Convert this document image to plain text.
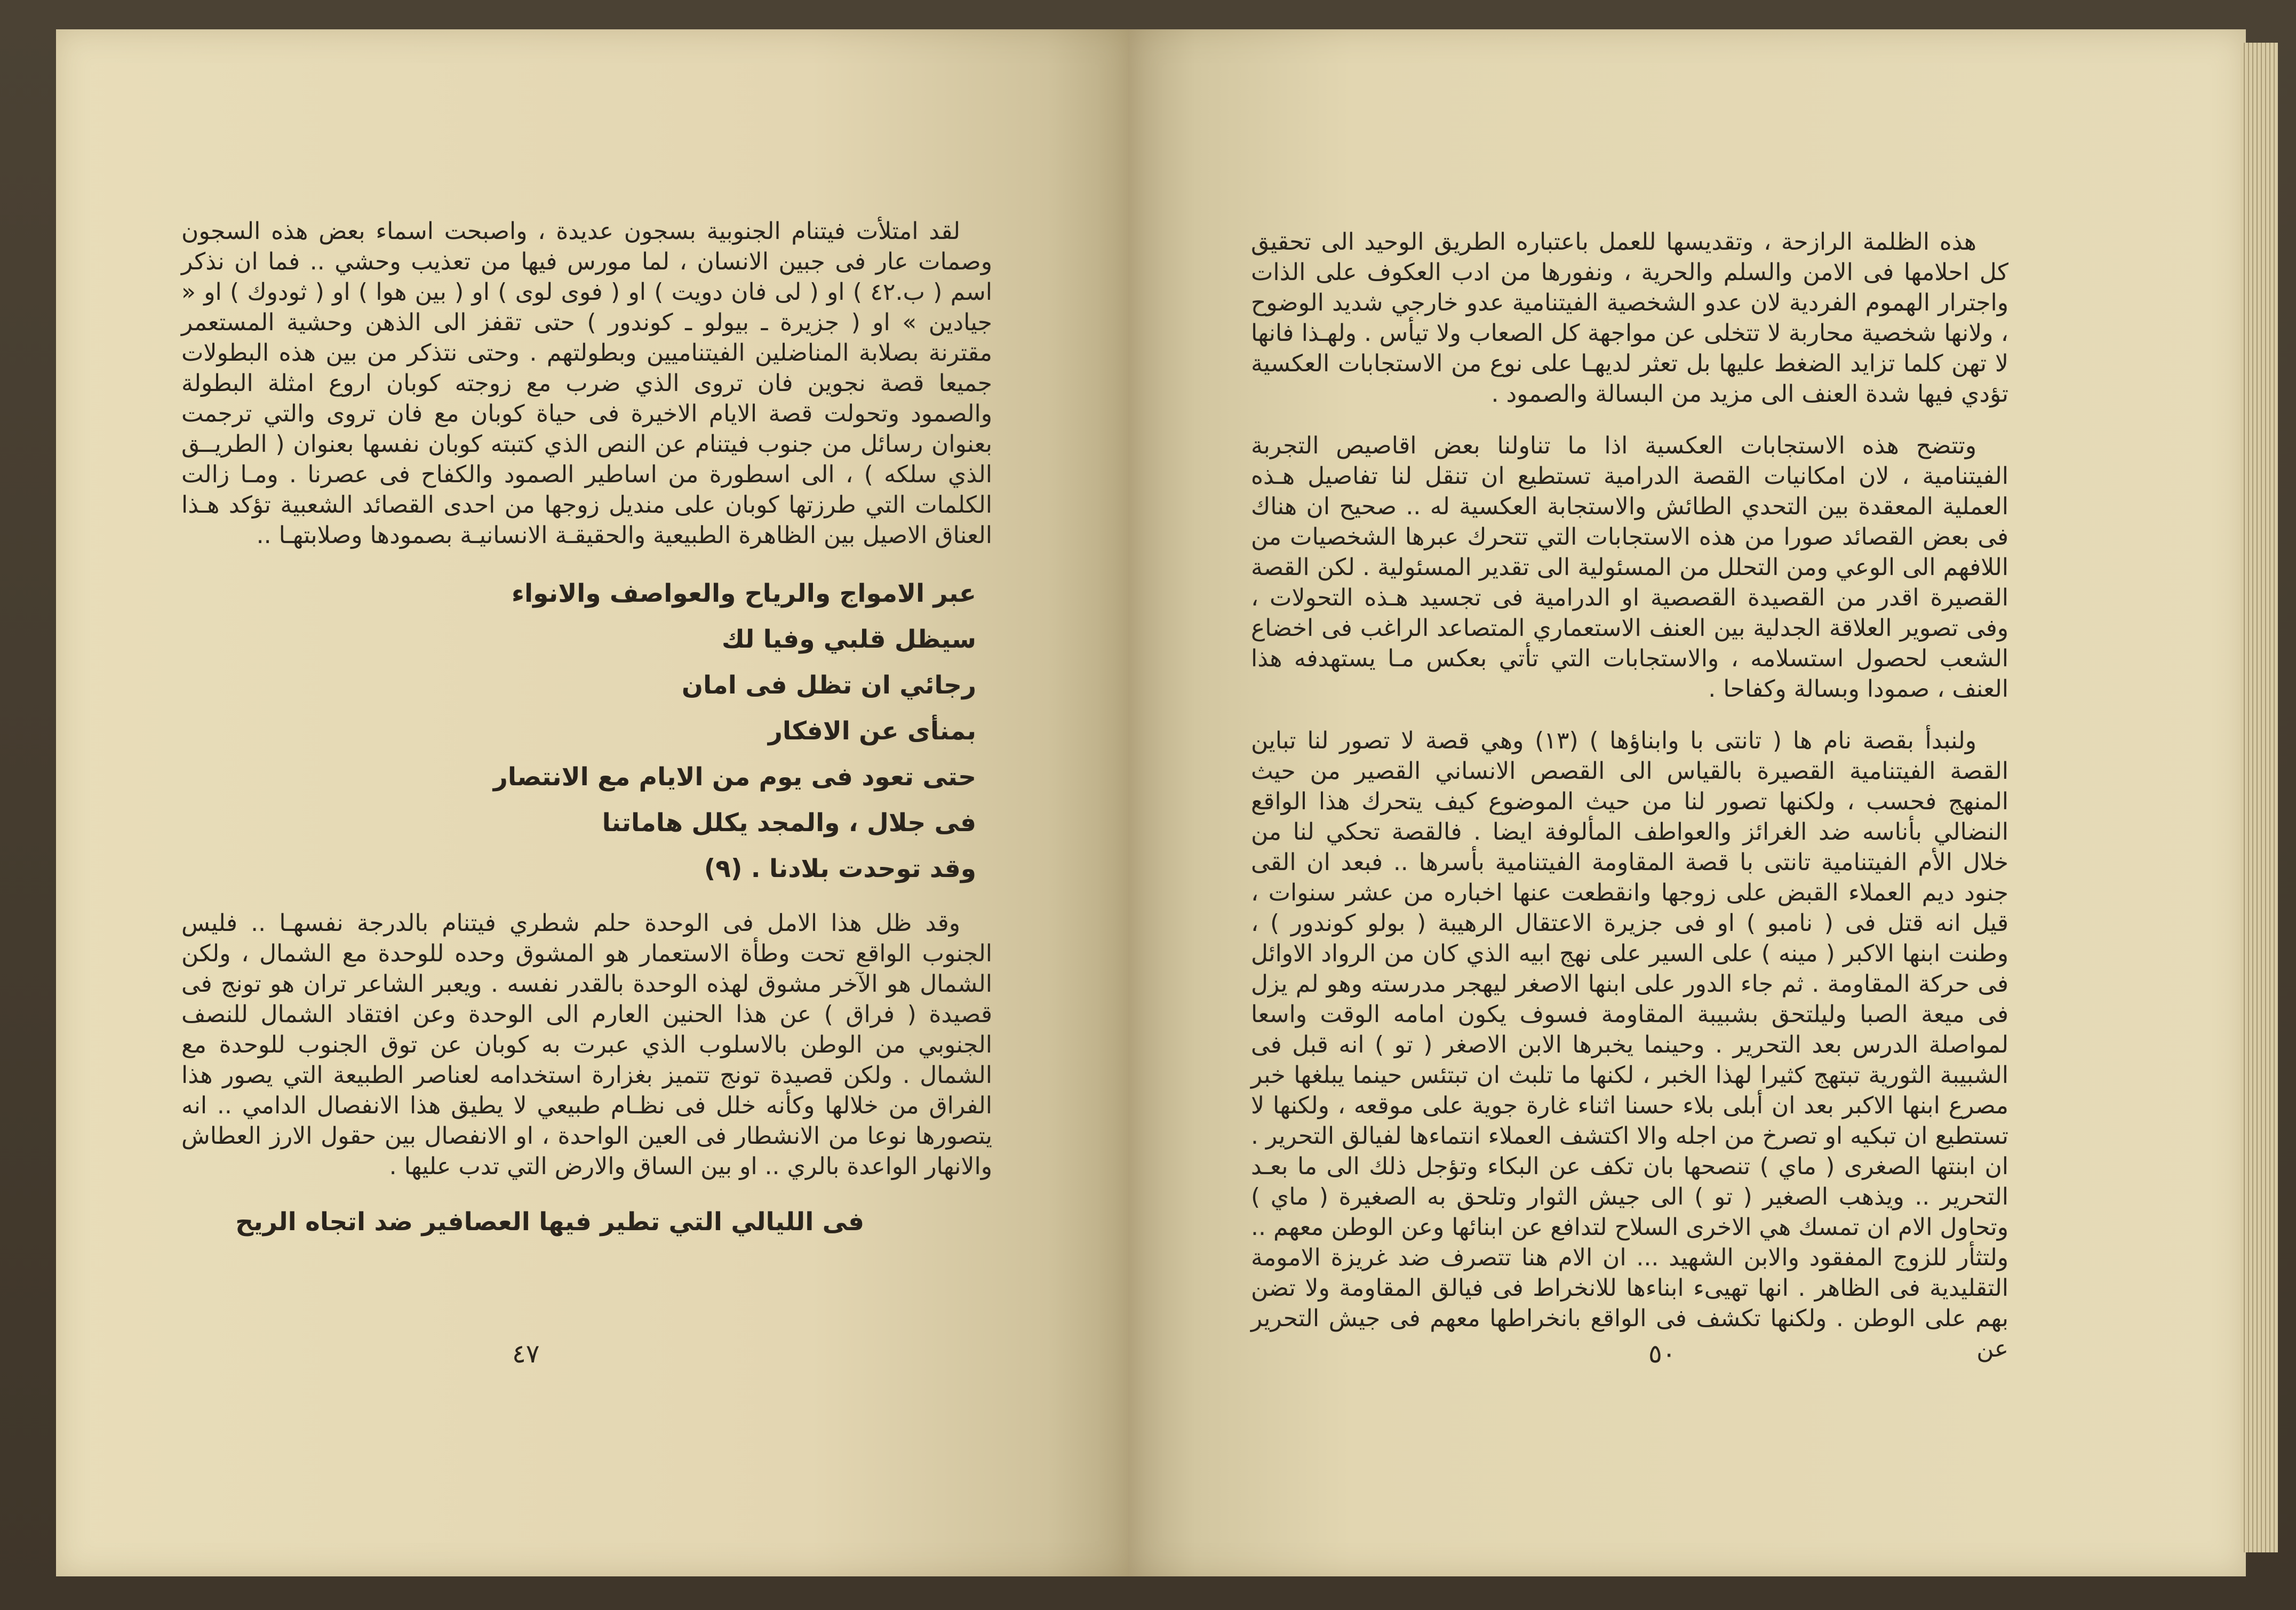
لقد امتلأت فيتنام الجنوبية بسجون عديدة ، واصبحت اسماء بعض هذه السجون وصمات عار فى جبين الانسان ، لما مورس فيها من تعذيب وحشي .. فما ان نذكر اسم ( ب.٤٢ ) او ( لى فان دويت ) او ( فوى لوى ) او ( بين هوا ) او ( ثودوك ) او « جيادين » او ( جزيرة ـ بيولو ـ كوندور ) حتى تقفز الى الذهن وحشية المستعمر مقترنة بصلابة المناضلين الفيتناميين وبطولتهم . وحتى نتذكر من بين هذه البطولات جميعا قصة نجوين فان تروى الذي ضرب مع زوجته كوبان اروع امثلة البطولة والصمود وتحولت قصة الايام الاخيرة فى حياة كوبان مع فان تروى والتي ترجمت بعنوان رسائل من جنوب فيتنام عن النص الذي كتبته كوبان نفسها بعنوان ( الطريــق الذي سلكه ) ، الى اسطورة من اساطير الصمود والكفاح فى عصرنا . ومـا زالت الكلمات التي طرزتها كوبان على منديل زوجها من احدى القصائد الشعبية تؤكد هـذا العناق الاصيل بين الظاهرة الطبيعية والحقيقـة الانسانيـة بصمودها وصلابتهـا ..

عبر الامواج والرياح والعواصف والانواء
سيظل قلبي وفيا لك
رجائي ان تظل فى امان
بمنأى عن الافكار
حتى تعود فى يوم من الايام مع الانتصار
فى جلال ، والمجد يكلل هاماتنا
وقد توحدت بلادنا . (٩)

وقد ظل هذا الامل فى الوحدة حلم شطري فيتنام بالدرجة نفسهـا .. فليس الجنوب الواقع تحت وطأة الاستعمار هو المشوق وحده للوحدة مع الشمال ، ولكن الشمال هو الآخر مشوق لهذه الوحدة بالقدر نفسه . ويعبر الشاعر تران هو تونج فى قصيدة ( فراق ) عن هذا الحنين العارم الى الوحدة وعن افتقاد الشمال للنصف الجنوبي من الوطن بالاسلوب الذي عبرت به كوبان عن توق الجنوب للوحدة مع الشمال . ولكن قصيدة تونج تتميز بغزارة استخدامه لعناصر الطبيعة التي يصور هذا الفراق من خلالها وكأنه خلل فى نظـام طبيعي لا يطيق هذا الانفصال الدامي .. انه يتصورها نوعا من الانشطار فى العين الواحدة ، او الانفصال بين حقول الارز العطاش والانهار الواعدة بالري .. او بين الساق والارض التي تدب عليها .

فى الليالي التي تطير فيها العصافير ضد اتجاه الريح
٤٧

هذه الظلمة الرازحة ، وتقديسها للعمل باعتباره الطريق الوحيد الى تحقيق كل احلامها فى الامن والسلم والحرية ، ونفورها من ادب العكوف على الذات واجترار الهموم الفردية لان عدو الشخصية الفيتنامية عدو خارجي شديد الوضوح ، ولانها شخصية محاربة لا تتخلى عن مواجهة كل الصعاب ولا تيأس . ولهـذا فانها لا تهن كلما تزايد الضغط عليها بل تعثر لديهـا على نوع من الاستجابات العكسية تؤدي فيها شدة العنف الى مزيد من البسالة والصمود .

وتتضح هذه الاستجابات العكسية اذا ما تناولنا بعض اقاصيص التجربة الفيتنامية ، لان امكانيات القصة الدرامية تستطيع ان تنقل لنا تفاصيل هـذه العملية المعقدة بين التحدي الطائش والاستجابة العكسية له .. صحيح ان هناك فى بعض القصائد صورا من هذه الاستجابات التي تتحرك عبرها الشخصيات من اللافهم الى الوعي ومن التحلل من المسئولية الى تقدير المسئولية . لكن القصة القصيرة اقدر من القصيدة القصصية او الدرامية فى تجسيد هـذه التحولات ، وفى تصوير العلاقة الجدلية بين العنف الاستعماري المتصاعد الراغب فى اخضاع الشعب لحصول استسلامه ، والاستجابات التي تأتي بعكس مـا يستهدفه هذا العنف ، صمودا وبسالة وكفاحا .

ولنبدأ بقصة نام ها ( تانتى با وابناؤها ) (١٣) وهي قصة لا تصور لنا تباين القصة الفيتنامية القصيرة بالقياس الى القصص الانساني القصير من حيث المنهج فحسب ، ولكنها تصور لنا من حيث الموضوع كيف يتحرك هذا الواقع النضالي بأناسه ضد الغرائز والعواطف المألوفة ايضا . فالقصة تحكي لنا من خلال الأم الفيتنامية تانتى با قصة المقاومة الفيتنامية بأسرها .. فبعد ان القى جنود ديم العملاء القبض على زوجها وانقطعت عنها اخباره من عشر سنوات ، قيل انه قتل فى ( نامبو ) او فى جزيرة الاعتقال الرهيبة ( بولو كوندور ) ، وطنت ابنها الاكبر ( مينه ) على السير على نهج ابيه الذي كان من الرواد الاوائل فى حركة المقاومة . ثم جاء الدور على ابنها الاصغر ليهجر مدرسته وهو لم يزل فى ميعة الصبا وليلتحق بشبيبة المقاومة فسوف يكون امامه الوقت واسعا لمواصلة الدرس بعد التحرير . وحينما يخبرها الابن الاصغر ( تو ) انه قبل فى الشبيبة الثورية تبتهج كثيرا لهذا الخبر ، لكنها ما تلبث ان تبتئس حينما يبلغها خبر مصرع ابنها الاكبر بعد ان أبلى بلاء حسنا اثناء غارة جوية على موقعه ، ولكنها لا تستطيع ان تبكيه او تصرخ من اجله والا اكتشف العملاء انتماءها لفيالق التحرير . ان ابنتها الصغرى ( ماي ) تنصحها بان تكف عن البكاء وتؤجل ذلك الى ما بعـد التحرير .. ويذهب الصغير ( تو ) الى جيش الثوار وتلحق به الصغيرة ( ماي ) وتحاول الام ان تمسك هي الاخرى السلاح لتدافع عن ابنائها وعن الوطن معهم .. ولتثأر للزوج المفقود والابن الشهيد ... ان الام هنا تتصرف ضد غريزة الامومة التقليدية فى الظاهر . انها تهيىء ابناءها للانخراط فى فيالق المقاومة ولا تضن بهم على الوطن . ولكنها تكشف فى الواقع بانخراطها معهم فى جيش التحرير عن

٥٠
